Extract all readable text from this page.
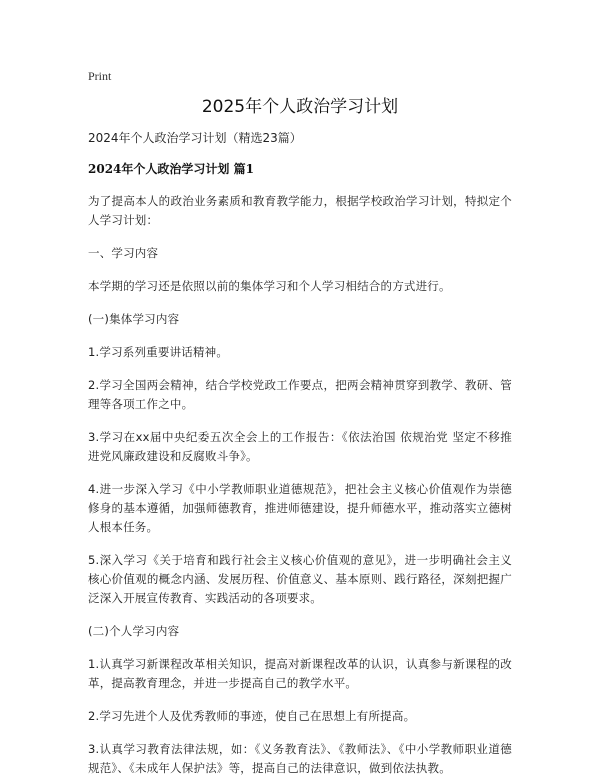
Print
2025年个人政治学习计划

2024年个人政治学习计划（精选23篇）

2024年个人政治学习计划 篇1

为了提高本人的政治业务素质和教育教学能力，根据学校政治学习计划，特拟定个人学习计划：

一、学习内容

本学期的学习还是依照以前的集体学习和个人学习相结合的方式进行。

(一)集体学习内容

1.学习系列重要讲话精神。

2.学习全国两会精神，结合学校党政工作要点，把两会精神贯穿到教学、教研、管理等各项工作之中。

3.学习在xx届中央纪委五次全会上的工作报告：《依法治国 依规治党 坚定不移推进党风廉政建设和反腐败斗争》。

4.进一步深入学习《中小学教师职业道德规范》，把社会主义核心价值观作为崇德修身的基本遵循，加强师德教育，推进师德建设，提升师德水平，推动落实立德树人根本任务。

5.深入学习《关于培育和践行社会主义核心价值观的意见》，进一步明确社会主义核心价值观的概念内涵、发展历程、价值意义、基本原则、践行路径，深刻把握广泛深入开展宣传教育、实践活动的各项要求。

(二)个人学习内容

1.认真学习新课程改革相关知识，提高对新课程改革的认识，认真参与新课程的改革，提高教育理念，并进一步提高自己的教学水平。

2.学习先进个人及优秀教师的事迹，使自己在思想上有所提高。

3.认真学习教育法律法规，如：《义务教育法》、《教师法》、《中小学教师职业道德规范》、《未成年人保护法》等，提高自己的法律意识，做到依法执教。
